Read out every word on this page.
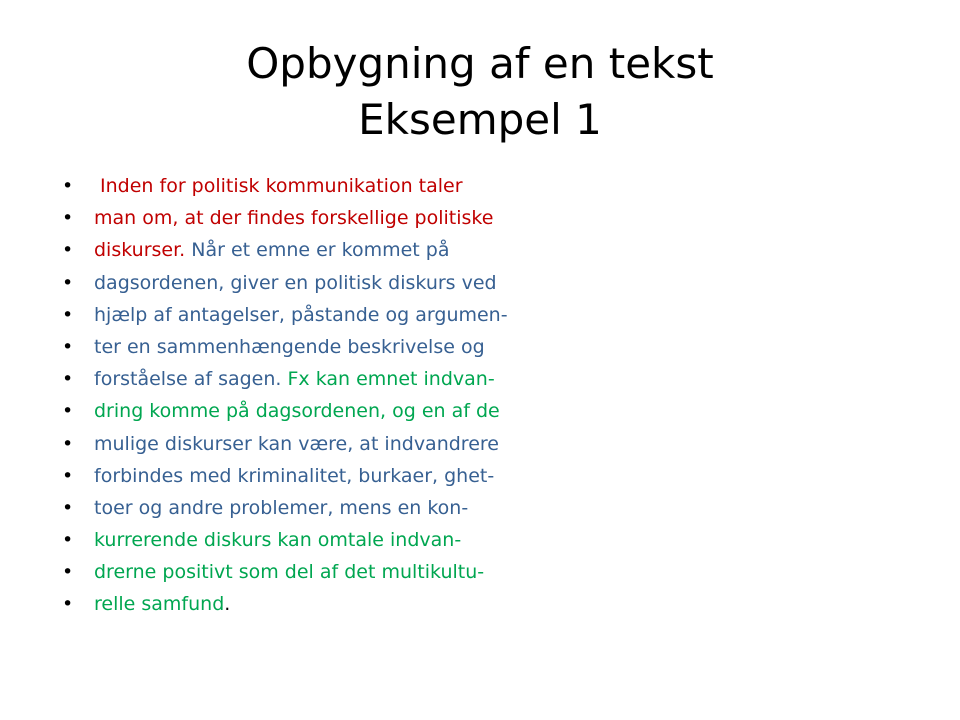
Opbygning af en tekst
Eksempel 1
• Inden for politisk kommunikation taler
• man om, at der findes forskellige politiske
• diskurser. Når et emne er kommet på
• dagsordenen, giver en politisk diskurs ved
• hjælp af antagelser, påstande og argumen-
• ter en sammenhængende beskrivelse og
• forståelse af sagen. Fx kan emnet indvan-
• dring komme på dagsordenen, og en af de
• mulige diskurser kan være, at indvandrere
• forbindes med kriminalitet, burkaer, ghet-
• toer og andre problemer, mens en kon-
• kurrerende diskurs kan omtale indvan-
• drerne positivt som del af det multikultu-
• relle samfund.
